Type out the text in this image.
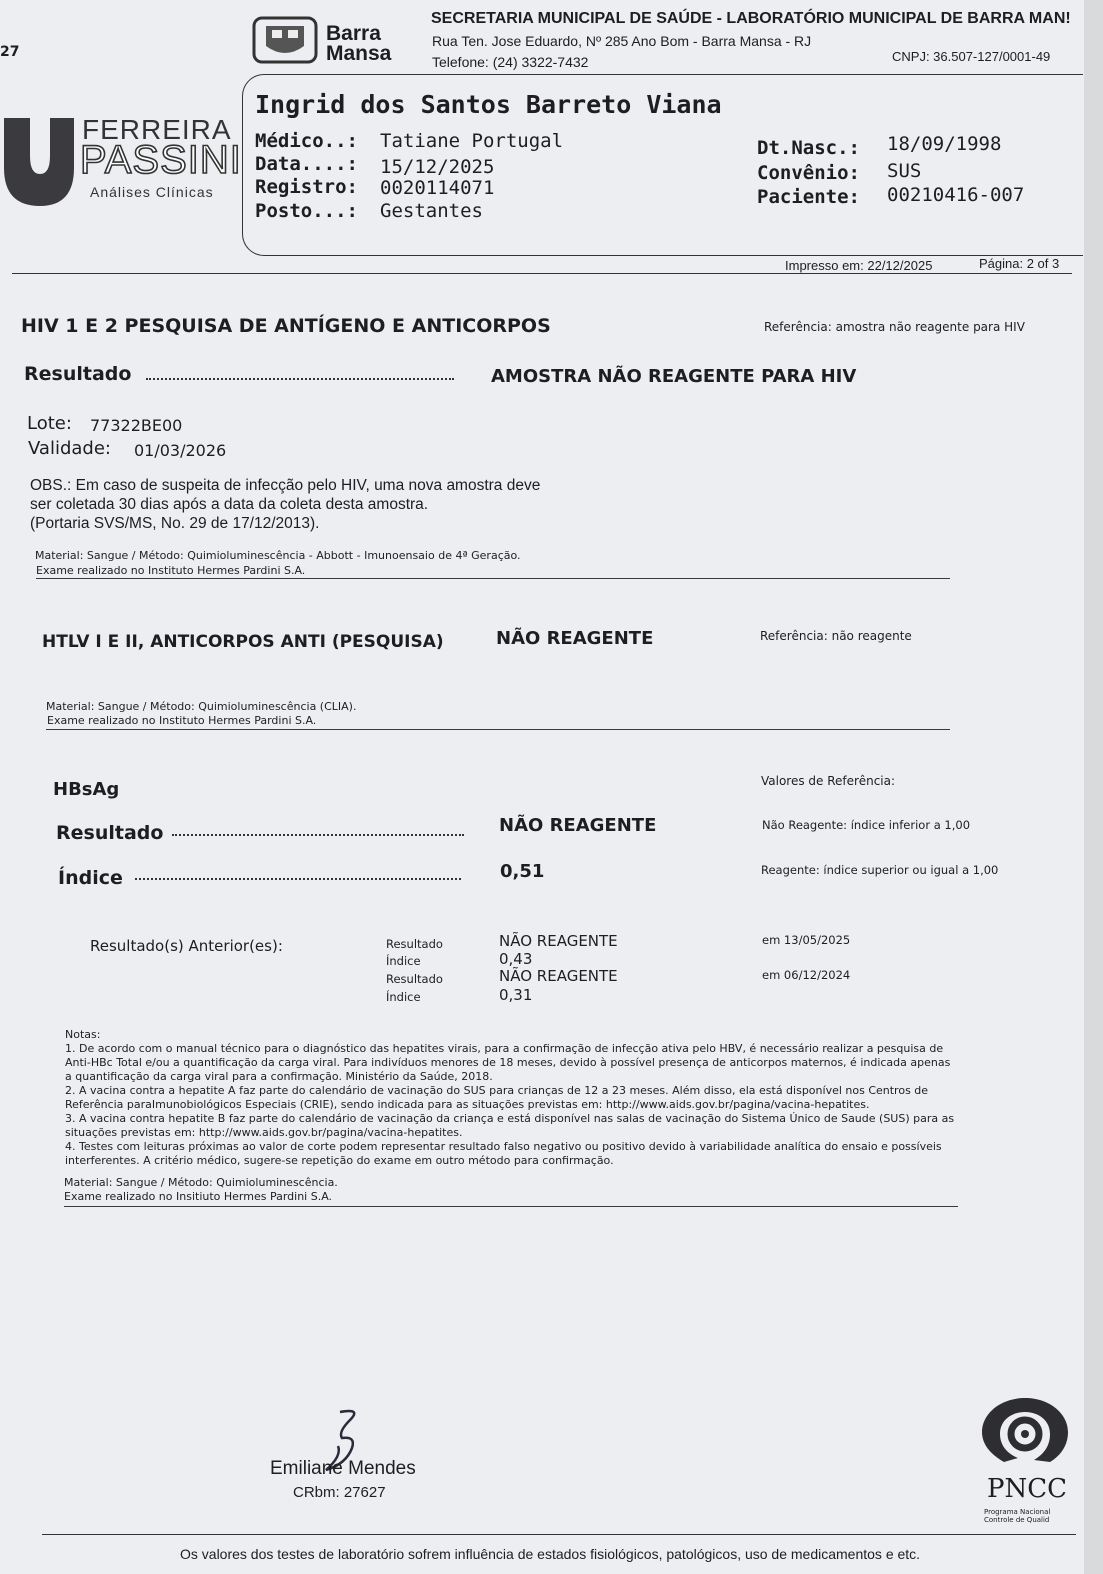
27
Barra
Mansa
SECRETARIA MUNICIPAL DE SAÚDE - LABORATÓRIO MUNICIPAL DE BARRA MAN!
Rua Ten. Jose Eduardo, Nº 285 Ano Bom - Barra Mansa - RJ
Telefone: (24) 3322-7432	CNPJ: 36.507-127/0001-49
FERREIRA
PASSINI
Análises Clínicas
Ingrid dos Santos Barreto Viana
Médico..: Tatiane Portugal
Data....: 15/12/2025
Registro: 0020114071
Posto...: Gestantes
Dt.Nasc.: 18/09/1998
Convênio: SUS
Paciente: 00210416-007
Impresso em: 22/12/2025	Página: 2 of 3
HIV 1 E 2 PESQUISA DE ANTÍGENO E ANTICORPOS	Referência: amostra não reagente para HIV
Resultado	AMOSTRA NÃO REAGENTE PARA HIV
Lote: 77322BE00
Validade: 01/03/2026
OBS.: Em caso de suspeita de infecção pelo HIV, uma nova amostra deve
ser coletada 30 dias após a data da coleta desta amostra.
(Portaria SVS/MS, No. 29 de 17/12/2013).
Material: Sangue / Método: Quimioluminescência - Abbott - Imunoensaio de 4ª Geração.
Exame realizado no Instituto Hermes Pardini S.A.
HTLV I E II, ANTICORPOS ANTI (PESQUISA)	NÃO REAGENTE	Referência: não reagente
Material: Sangue / Método: Quimioluminescência (CLIA).
Exame realizado no Instituto Hermes Pardini S.A.
HBsAg	Valores de Referência:
Resultado	NÃO REAGENTE	Não Reagente: índice inferior a 1,00
Índice	0,51	Reagente: índice superior ou igual a 1,00
Resultado(s) Anterior(es):	Resultado	NÃO REAGENTE	em 13/05/2025
Índice	0,43
Resultado	NÃO REAGENTE	em 06/12/2024
Índice	0,31
Notas:
1. De acordo com o manual técnico para o diagnóstico das hepatites virais, para a confirmação de infecção ativa pelo HBV, é necessário realizar a pesquisa de
Anti-HBc Total e/ou a quantificação da carga viral. Para indivíduos menores de 18 meses, devido à possível presença de anticorpos maternos, é indicada apenas
a quantificação da carga viral para a confirmação. Ministério da Saúde, 2018.
2. A vacina contra a hepatite A faz parte do calendário de vacinação do SUS para crianças de 12 a 23 meses. Além disso, ela está disponível nos Centros de
Referência paraImunobiológicos Especiais (CRIE), sendo indicada para as situações previstas em: http://www.aids.gov.br/pagina/vacina-hepatites.
3. A vacina contra hepatite B faz parte do calendário de vacinação da criança e está disponível nas salas de vacinação do Sistema Único de Saude (SUS) para as
situações previstas em: http://www.aids.gov.br/pagina/vacina-hepatites.
4. Testes com leituras próximas ao valor de corte podem representar resultado falso negativo ou positivo devido à variabilidade analítica do ensaio e possíveis
interferentes. A critério médico, sugere-se repetição do exame em outro método para confirmação.
Material: Sangue / Método: Quimioluminescência.
Exame realizado no Insitiuto Hermes Pardini S.A.
Emiliane Mendes
CRbm: 27627	PNCC
Programa Nacional
Controle de Qualid
Os valores dos testes de laboratório sofrem influência de estados fisiológicos, patológicos, uso de medicamentos e etc.
